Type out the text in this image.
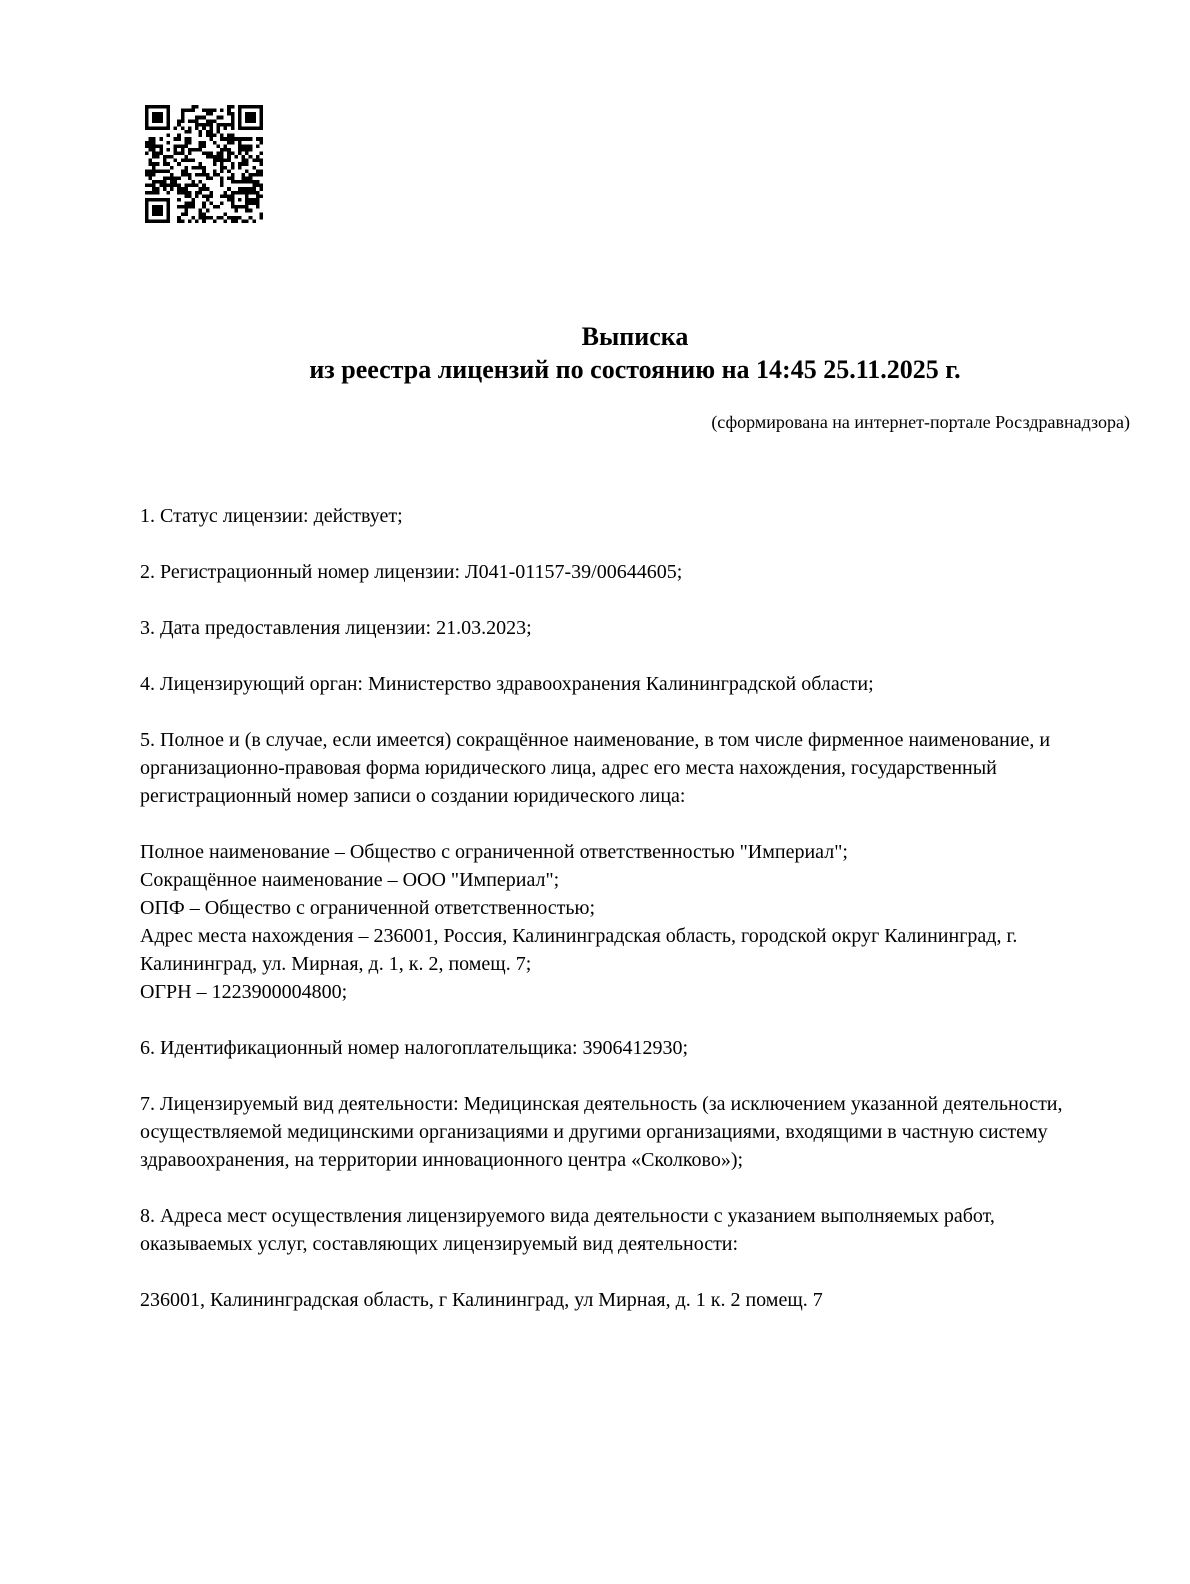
Выписка
из реестра лицензий по состоянию на 14:45 25.11.2025 г.
(сформирована на интернет-портале Росздравнадзора)

1. Статус лицензии: действует;

2. Регистрационный номер лицензии: Л041-01157-39/00644605;

3. Дата предоставления лицензии: 21.03.2023;

4. Лицензирующий орган: Министерство здравоохранения Калининградской области;

5. Полное и (в случае, если имеется) сокращённое наименование, в том числе фирменное наименование, и организационно-правовая форма юридического лица, адрес его места нахождения, государственный регистрационный номер записи о создании юридического лица:

Полное наименование – Общество с ограниченной ответственностью "Империал";

Сокращённое наименование – ООО "Империал";

ОПФ – Общество с ограниченной ответственностью;

Адрес места нахождения – 236001, Россия, Калининградская область, городской округ Калининград, г. Калининград, ул. Мирная, д. 1, к. 2, помещ. 7;

ОГРН – 1223900004800;

6. Идентификационный номер налогоплательщика: 3906412930;

7. Лицензируемый вид деятельности: Медицинская деятельность (за исключением указанной деятельности, осуществляемой медицинскими организациями и другими организациями, входящими в частную систему здравоохранения, на территории инновационного центра «Сколково»);

8. Адреса мест осуществления лицензируемого вида деятельности с указанием выполняемых работ, оказываемых услуг, составляющих лицензируемый вид деятельности:

236001, Калининградская область, г Калининград, ул Мирная, д. 1 к. 2 помещ. 7
